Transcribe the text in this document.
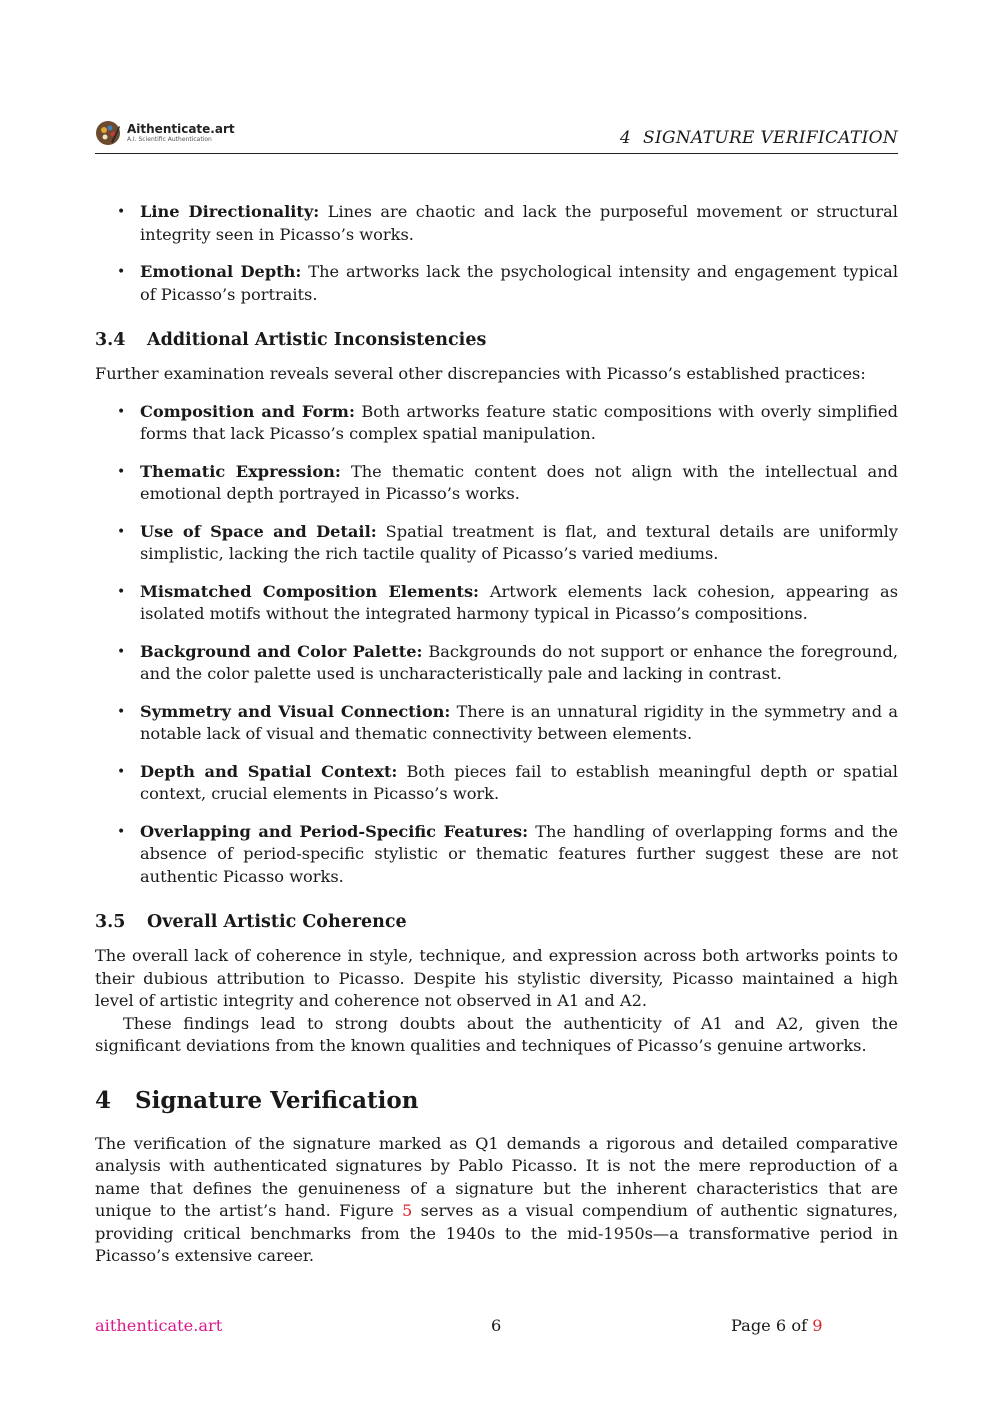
Aithenticate.art
A.I. Scientific Authentication	4 SIGNATURE VERIFICATION
• Line Directionality: Lines are chaotic and lack the purposeful movement or structural integrity seen in Picasso’s works.
• Emotional Depth: The artworks lack the psychological intensity and engagement typical of Picasso’s portraits.
3.4 Additional Artistic Inconsistencies

Further examination reveals several other discrepancies with Picasso’s established practices:

• Composition and Form: Both artworks feature static compositions with overly simplified forms that lack Picasso’s complex spatial manipulation.
• Thematic Expression: The thematic content does not align with the intellectual and emotional depth portrayed in Picasso’s works.
• Use of Space and Detail: Spatial treatment is flat, and textural details are uniformly simplistic, lacking the rich tactile quality of Picasso’s varied mediums.
• Mismatched Composition Elements: Artwork elements lack cohesion, appearing as isolated motifs without the integrated harmony typical in Picasso’s compositions.
• Background and Color Palette: Backgrounds do not support or enhance the foreground, and the color palette used is uncharacteristically pale and lacking in contrast.
• Symmetry and Visual Connection: There is an unnatural rigidity in the symmetry and a notable lack of visual and thematic connectivity between elements.
• Depth and Spatial Context: Both pieces fail to establish meaningful depth or spatial context, crucial elements in Picasso’s work.
• Overlapping and Period-Specific Features: The handling of overlapping forms and the absence of period-specific stylistic or thematic features further suggest these are not authentic Picasso works.
3.5 Overall Artistic Coherence

The overall lack of coherence in style, technique, and expression across both artworks points to their dubious attribution to Picasso. Despite his stylistic diversity, Picasso maintained a high level of artistic integrity and coherence not observed in A1 and A2.

These findings lead to strong doubts about the authenticity of A1 and A2, given the significant deviations from the known qualities and techniques of Picasso’s genuine artworks.

4 Signature Verification

The verification of the signature marked as Q1 demands a rigorous and detailed comparative analysis with authenticated signatures by Pablo Picasso. It is not the mere reproduction of a name that defines the genuineness of a signature but the inherent characteristics that are unique to the artist’s hand. Figure 5 serves as a visual compendium of authentic signatures, providing critical benchmarks from the 1940s to the mid-1950s—a transformative period in Picasso’s extensive career.

aithenticate.art	6	Page 6 of 9
